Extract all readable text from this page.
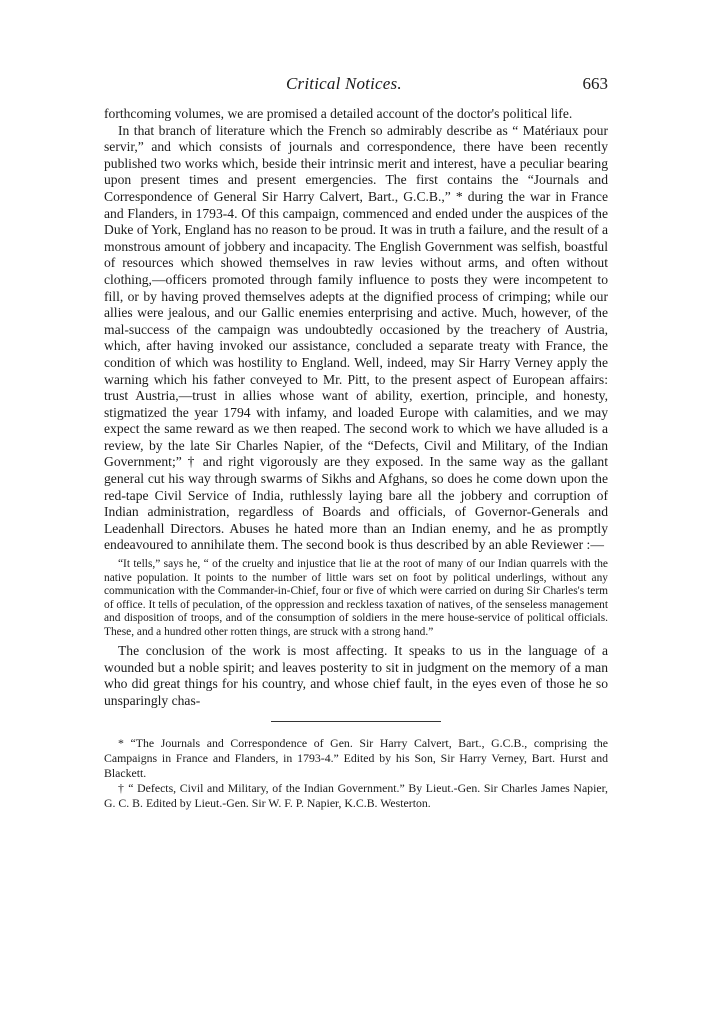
Critical Notices.	663

forthcoming volumes, we are promised a detailed account of the doctor's political life.

In that branch of literature which the French so admirably describe as “ Matériaux pour servir,” and which consists of journals and correspondence, there have been recently published two works which, beside their intrinsic merit and interest, have a peculiar bearing upon present times and present emergencies. The first contains the “Journals and Correspondence of General Sir Harry Calvert, Bart., G.C.B.,” * during the war in France and Flanders, in 1793-4. Of this campaign, commenced and ended under the auspices of the Duke of York, England has no reason to be proud. It was in truth a failure, and the result of a monstrous amount of jobbery and incapacity. The English Government was selfish, boastful of resources which showed themselves in raw levies without arms, and often without clothing,—officers promoted through family influence to posts they were incompetent to fill, or by having proved themselves adepts at the dignified process of crimping; while our allies were jealous, and our Gallic enemies enterprising and active. Much, however, of the mal-success of the campaign was undoubtedly occasioned by the treachery of Austria, which, after having invoked our assistance, concluded a separate treaty with France, the condition of which was hostility to England. Well, indeed, may Sir Harry Verney apply the warning which his father conveyed to Mr. Pitt, to the present aspect of European affairs: trust Austria,—trust in allies whose want of ability, exertion, principle, and honesty, stigmatized the year 1794 with infamy, and loaded Europe with calamities, and we may expect the same reward as we then reaped. The second work to which we have alluded is a review, by the late Sir Charles Napier, of the “Defects, Civil and Military, of the Indian Government;” † and right vigorously are they exposed. In the same way as the gallant general cut his way through swarms of Sikhs and Afghans, so does he come down upon the red-tape Civil Service of India, ruthlessly laying bare all the jobbery and corruption of Indian administration, regardless of Boards and officials, of Governor-Generals and Leadenhall Directors. Abuses he hated more than an Indian enemy, and he as promptly endeavoured to annihilate them. The second book is thus described by an able Reviewer :—

“It tells,” says he, “ of the cruelty and injustice that lie at the root of many of our Indian quarrels with the native population. It points to the number of little wars set on foot by political underlings, without any communication with the Commander-in-Chief, four or five of which were carried on during Sir Charles's term of office. It tells of peculation, of the oppression and reckless taxation of natives, of the senseless management and disposition of troops, and of the consumption of soldiers in the mere house-service of political officials. These, and a hundred other rotten things, are struck with a strong hand.”

The conclusion of the work is most affecting. It speaks to us in the language of a wounded but a noble spirit; and leaves posterity to sit in judgment on the memory of a man who did great things for his country, and whose chief fault, in the eyes even of those he so unsparingly chas-

* “The Journals and Correspondence of Gen. Sir Harry Calvert, Bart., G.C.B., comprising the Campaigns in France and Flanders, in 1793-4.” Edited by his Son, Sir Harry Verney, Bart. Hurst and Blackett.

† “ Defects, Civil and Military, of the Indian Government.” By Lieut.-Gen. Sir Charles James Napier, G. C. B. Edited by Lieut.-Gen. Sir W. F. P. Napier, K.C.B. Westerton.
